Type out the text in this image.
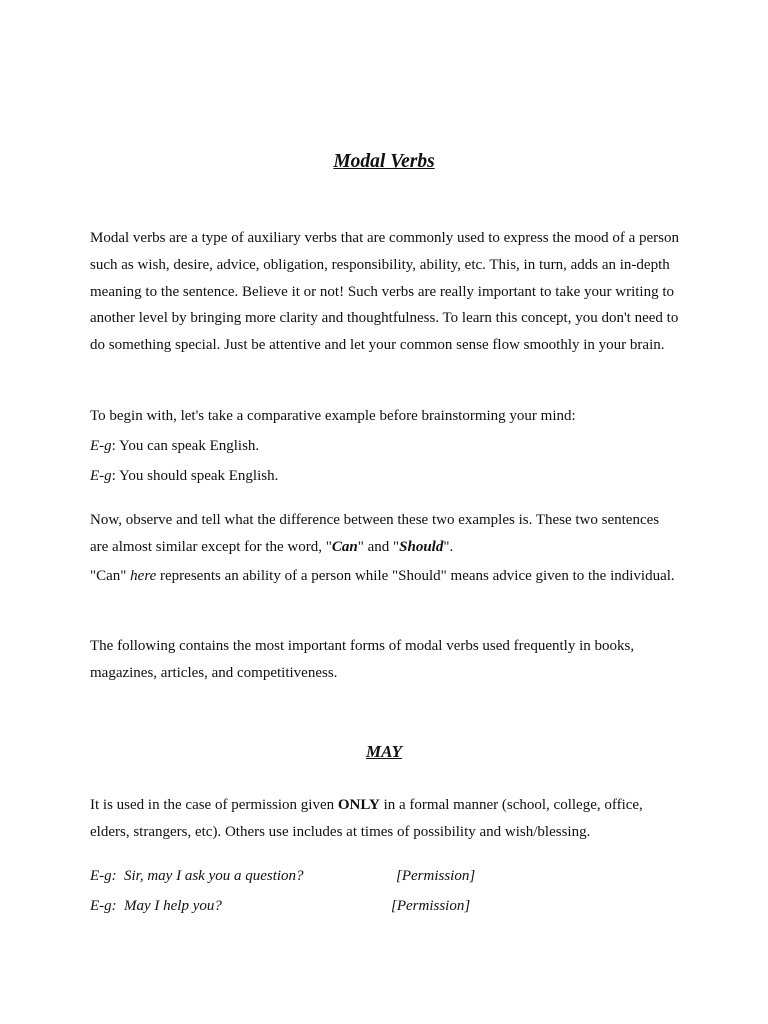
Modal Verbs

Modal verbs are a type of auxiliary verbs that are commonly used to express the mood of a person such as wish, desire, advice, obligation, responsibility, ability, etc. This, in turn, adds an in-depth meaning to the sentence. Believe it or not! Such verbs are really important to take your writing to another level by bringing more clarity and thoughtfulness. To learn this concept, you don't need to do something special. Just be attentive and let your common sense flow smoothly in your brain.

To begin with, let's take a comparative example before brainstorming your mind:

E-g: You can speak English.

E-g: You should speak English.

Now, observe and tell what the difference between these two examples is. These two sentences are almost similar except for the word, "Can" and "Should".

"Can" here represents an ability of a person while "Should" means advice given to the individual.

The following contains the most important forms of modal verbs used frequently in books, magazines, articles, and competitiveness.

MAY

It is used in the case of permission given ONLY in a formal manner (school, college, office, elders, strangers, etc). Others use includes at times of possibility and wish/blessing.

E-g: Sir, may I ask you a question?	[Permission]
E-g: May I help you?	[Permission]
